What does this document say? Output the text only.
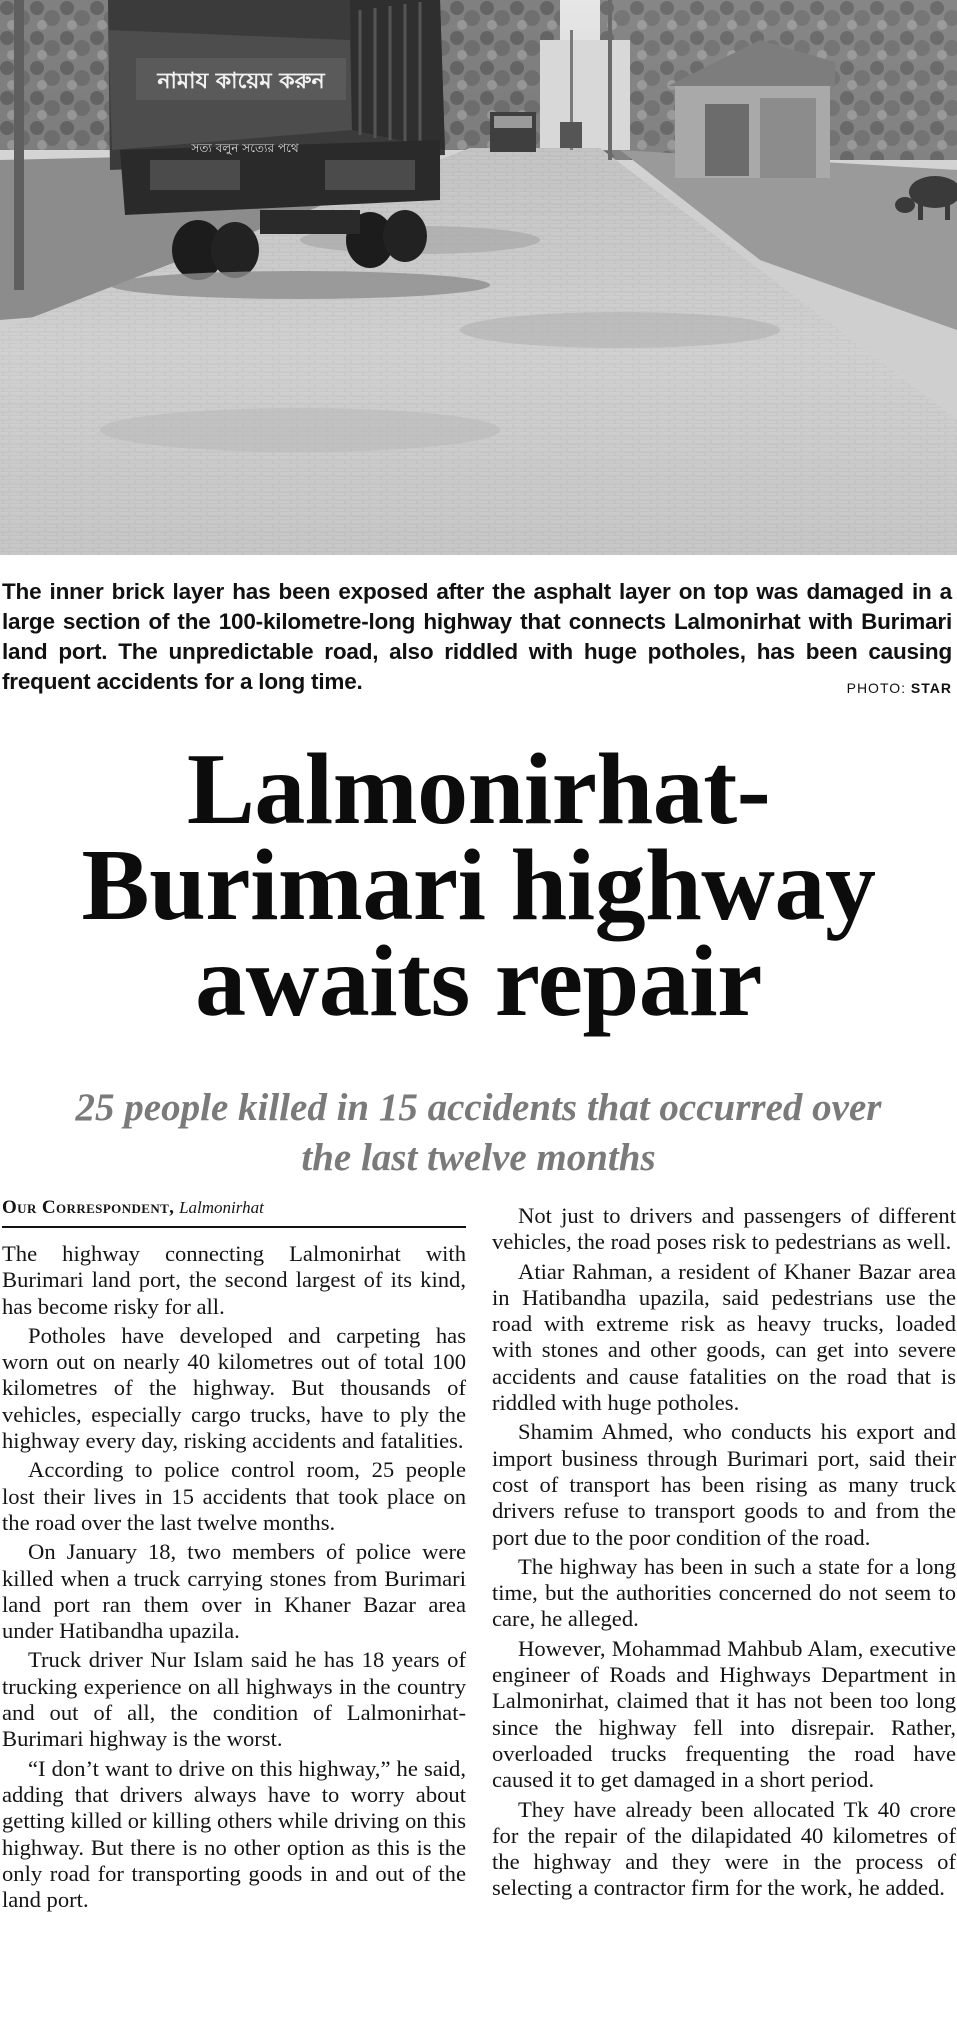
নামায কায়েম করুন
সত্য বলুন সত্যের পথে
The inner brick layer has been exposed after the asphalt layer on top was damaged in a large section of the 100-kilometre-long highway that connects Lalmonirhat with Burimari land port. The unpredictable road, also riddled with huge potholes, has been causing frequent accidents for a long time.	PHOTO: STAR
Lalmonirhat-
Burimari highway
awaits repair
25 people killed in 15 accidents that occurred over
the last twelve months
Our Correspondent, Lalmonirhat

The highway connecting Lalmonirhat with Burimari land port, the second largest of its kind, has become risky for all.

Potholes have developed and carpeting has worn out on nearly 40 kilometres out of total 100 kilometres of the highway. But thousands of vehicles, especially cargo trucks, have to ply the highway every day, risking accidents and fatalities.

According to police control room, 25 people lost their lives in 15 accidents that took place on the road over the last twelve months.

On January 18, two members of police were killed when a truck carrying stones from Burimari land port ran them over in Khaner Bazar area under Hatibandha upazila.

Truck driver Nur Islam said he has 18 years of trucking experience on all highways in the country and out of all, the condition of Lalmonirhat-Burimari highway is the worst.

“I don’t want to drive on this highway,” he said, adding that drivers always have to worry about getting killed or killing others while driving on this highway. But there is no other option as this is the only road for transporting goods in and out of the land port.

Not just to drivers and passengers of different vehicles, the road poses risk to pedestrians as well.

Atiar Rahman, a resident of Khaner Bazar area in Hatibandha upazila, said pedestrians use the road with extreme risk as heavy trucks, loaded with stones and other goods, can get into severe accidents and cause fatalities on the road that is riddled with huge potholes.

Shamim Ahmed, who conducts his export and import business through Burimari port, said their cost of transport has been rising as many truck drivers refuse to transport goods to and from the port due to the poor condition of the road.

The highway has been in such a state for a long time, but the authorities concerned do not seem to care, he alleged.

However, Mohammad Mahbub Alam, executive engineer of Roads and Highways Department in Lalmonirhat, claimed that it has not been too long since the highway fell into disrepair. Rather, overloaded trucks frequenting the road have caused it to get damaged in a short period.

They have already been allocated Tk 40 crore for the repair of the dilapidated 40 kilometres of the highway and they were in the process of selecting a contractor firm for the work, he added.
